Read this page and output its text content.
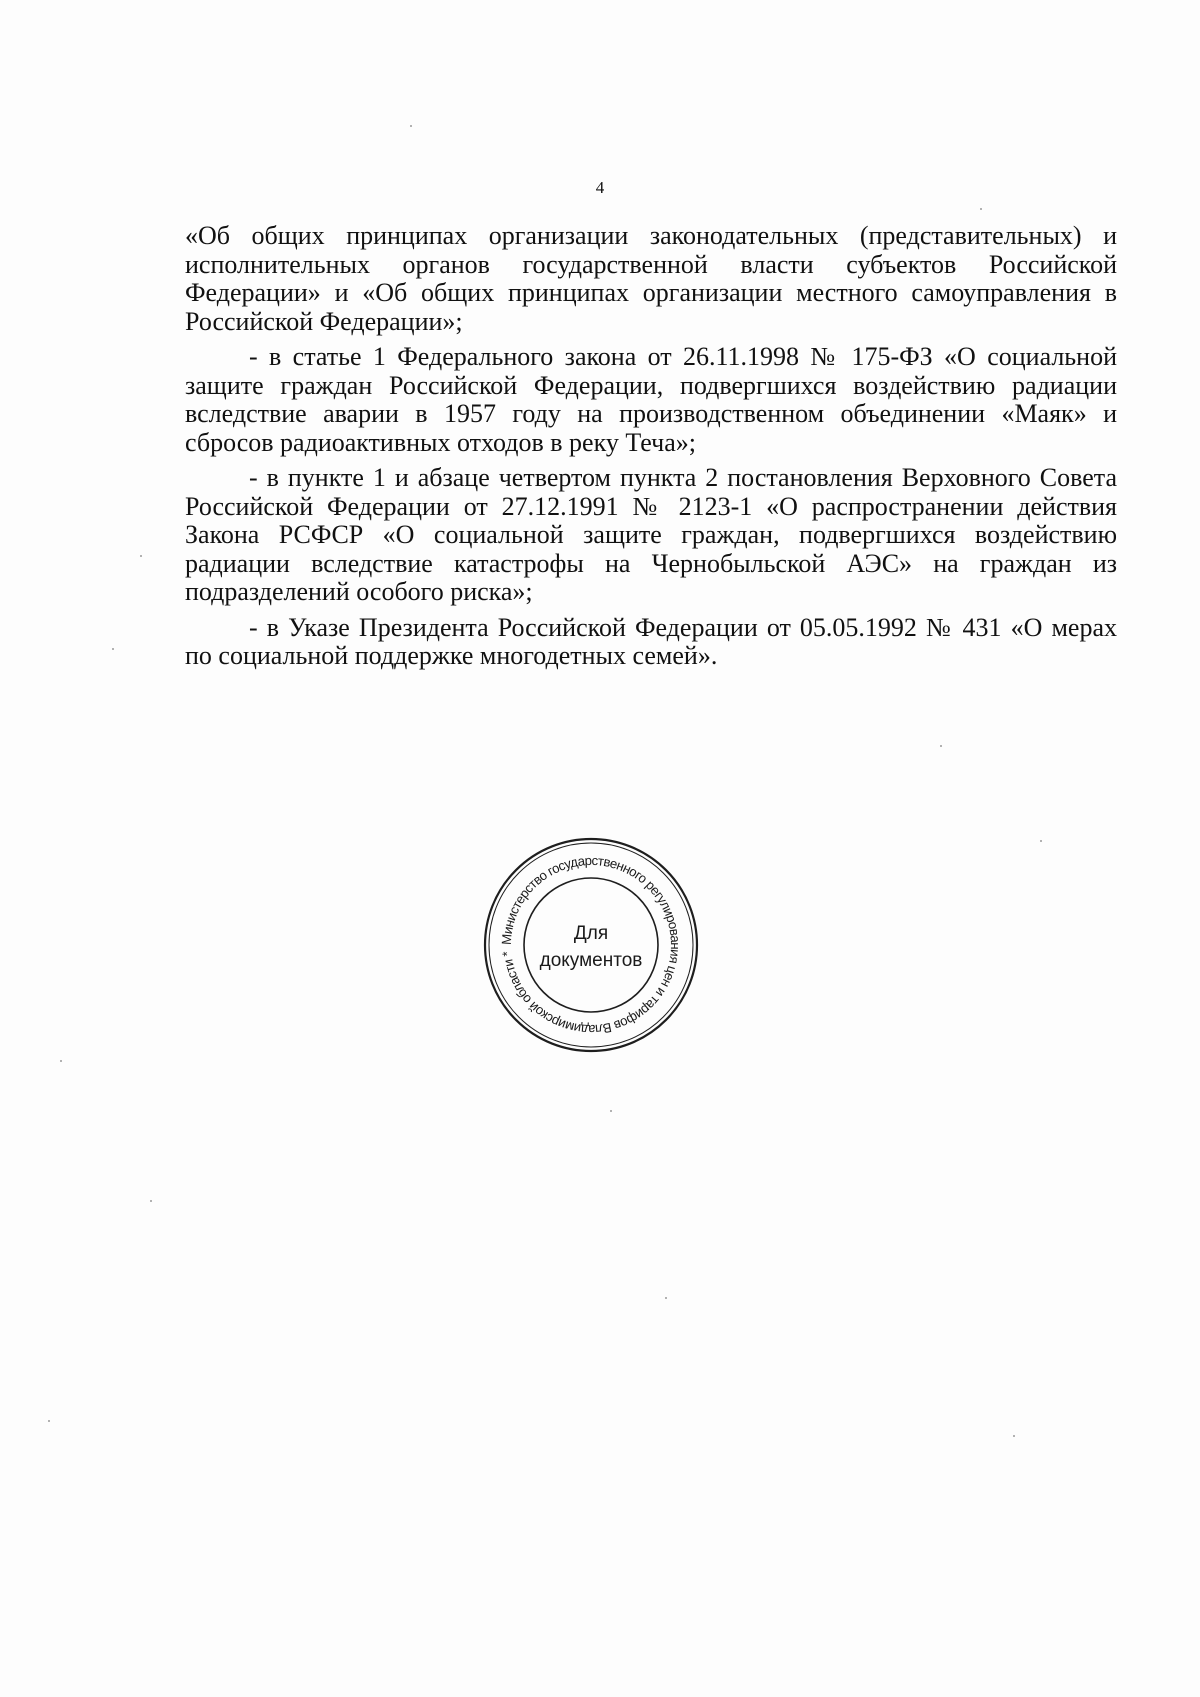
4

«Об общих принципах организации законодательных (представительных) и исполнительных органов государственной власти субъектов Российской Федерации» и «Об общих принципах организации местного самоуправления в Российской Федерации»;

- в статье 1 Федерального закона от 26.11.1998 № 175-ФЗ «О социальной защите граждан Российской Федерации, подвергшихся воздействию радиации вследствие аварии в 1957 году на производственном объединении «Маяк» и сбросов радиоактивных отходов в реку Теча»;

- в пункте 1 и абзаце четвертом пункта 2 постановления Верховного Совета Российской Федерации от 27.12.1991 № 2123-1 «О распространении действия Закона РСФСР «О социальной защите граждан, подвергшихся воздействию радиации вследствие катастрофы на Чернобыльской АЭС» на граждан из подразделений особого риска»;

- в Указе Президента Российской Федерации от 05.05.1992 № 431 «О мерах по социальной поддержке многодетных семей».

Министерство государственного регулирования цен и тарифов Владимирской области *
Для
документов
